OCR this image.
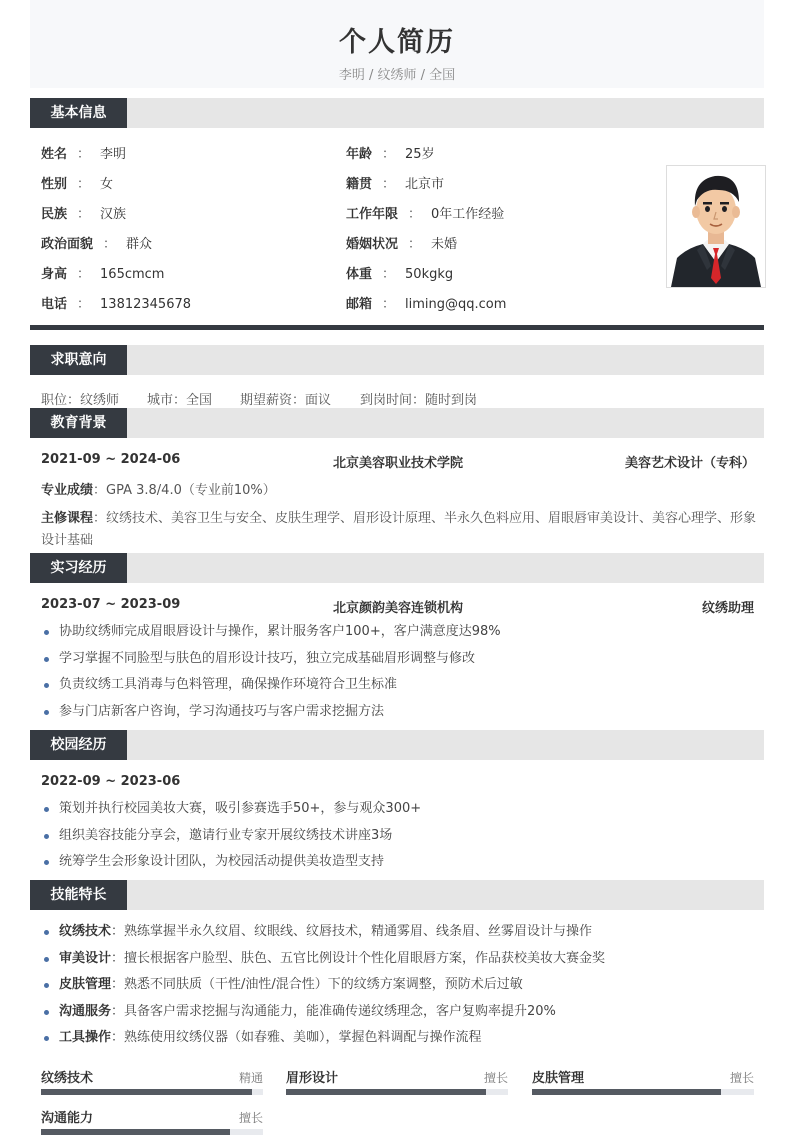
个人简历
李明 / 纹绣师 / 全国
基本信息
姓名 ： 李明	年龄 ： 25岁
性别 ： 女	籍贯 ： 北京市
民族 ： 汉族	工作年限 ： 0年工作经验
政治面貌 ： 群众	婚姻状况 ： 未婚
身高 ： 165cmcm	体重 ： 50kgkg
电话 ： 13812345678	邮箱 ： liming@qq.com
求职意向
职位：纹绣师 城市：全国 期望薪资：面议 到岗时间：随时到岗
教育背景
2021-09 ~ 2024-06	北京美容职业技术学院	美容艺术设计（专科）
专业成绩：GPA 3.8/4.0（专业前10%）
主修课程：纹绣技术、美容卫生与安全、皮肤生理学、眉形设计原理、半永久色料应用、眉眼唇审美设计、美容心理学、形象
设计基础
实习经历
2023-07 ~ 2023-09	北京颜韵美容连锁机构	纹绣助理
协助纹绣师完成眉眼唇设计与操作，累计服务客户100+，客户满意度达98%
学习掌握不同脸型与肤色的眉形设计技巧，独立完成基础眉形调整与修改
负责纹绣工具消毒与色料管理，确保操作环境符合卫生标准
参与门店新客户咨询，学习沟通技巧与客户需求挖掘方法
校园经历
2022-09 ~ 2023-06
策划并执行校园美妆大赛，吸引参赛选手50+，参与观众300+
组织美容技能分享会，邀请行业专家开展纹绣技术讲座3场
统筹学生会形象设计团队，为校园活动提供美妆造型支持
技能特长
纹绣技术：熟练掌握半永久纹眉、纹眼线、纹唇技术，精通雾眉、线条眉、丝雾眉设计与操作
审美设计：擅长根据客户脸型、肤色、五官比例设计个性化眉眼唇方案，作品获校美妆大赛金奖
皮肤管理：熟悉不同肤质（干性/油性/混合性）下的纹绣方案调整，预防术后过敏
沟通服务：具备客户需求挖掘与沟通能力，能准确传递纹绣理念，客户复购率提升20%
工具操作：熟练使用纹绣仪器（如春雅、美咖），掌握色料调配与操作流程
纹绣技术	精通 眉形设计	擅长 皮肤管理	擅长
沟通能力	擅长
